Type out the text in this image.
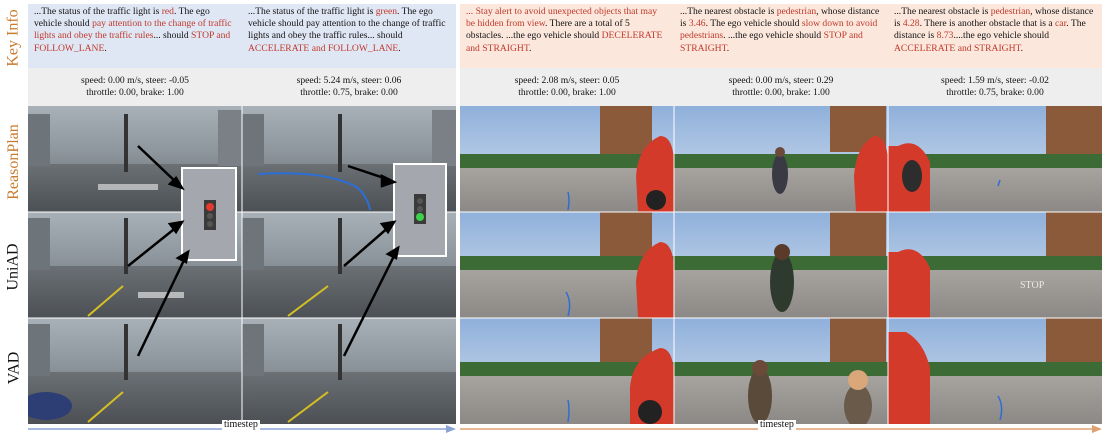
Key Info
ReasonPlan
UniAD
VAD
...The status of the traffic light is red. The ego vehicle should pay attention to the change of traffic lights and obey the traffic rules... should STOP and FOLLOW_LANE.
...The status of the traffic light is green. The ego vehicle should pay attention to the change of traffic lights and obey the traffic rules... should ACCELERATE and FOLLOW_LANE.
... Stay alert to avoid unexpected objects that may be hidden from view. There are a total of 5 obstacles. ...the ego vehicle should DECELERATE and STRAIGHT.
...The nearest obstacle is pedestrian, whose distance is 3.46. The ego vehicle should slow down to avoid pedestrians. ...the ego vehicle should STOP and STRAIGHT.
...The nearest obstacle is pedestrian, whose distance is 4.28. There is another obstacle that is a car. The distance is 8.73....the ego vehicle should ACCELERATE and STRAIGHT.
speed: 0.00 m/s, steer: -0.05
throttle: 0.00, brake: 1.00
speed: 5.24 m/s, steer: 0.06
throttle: 0.75, brake: 0.00
speed: 2.08 m/s, steer: 0.05
throttle: 0.00, brake: 1.00
speed: 0.00 m/s, steer: 0.29
throttle: 0.00, brake: 1.00
speed: 1.59 m/s, steer: -0.02
throttle: 0.75, brake: 0.00
STOP
timestep	timestep
